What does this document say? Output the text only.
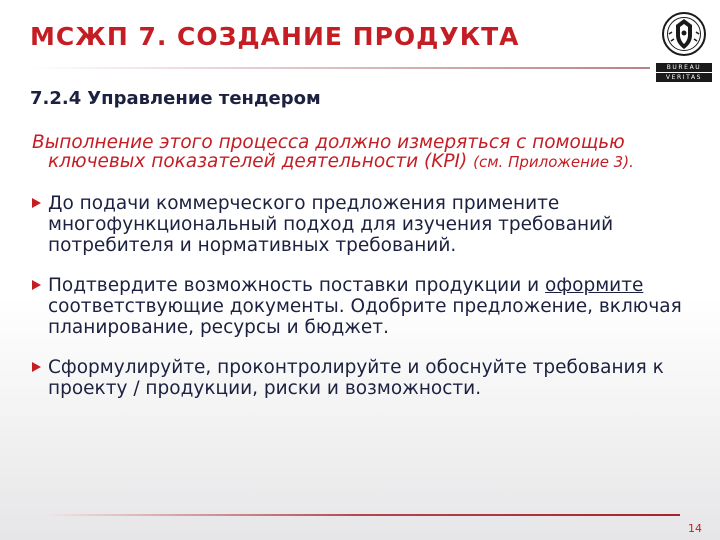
МСЖП 7. СОЗДАНИЕ ПРОДУКТА
BUREAU
VERITAS
7.2.4 Управление тендером

Выполнение этого процесса должно измеряться с помощью ключевых показателей деятельности (KPI) (см. Приложение 3).

До подачи коммерческого предложения примените многофункциональный подход для изучения требований потребителя и нормативных требований.
Подтвердите возможность поставки продукции и оформите соответствующие документы. Одобрите предложение, включая планирование, ресурсы и бюджет.
Сформулируйте, проконтролируйте и обоснуйте требования к проекту / продукции, риски и возможности.
14
